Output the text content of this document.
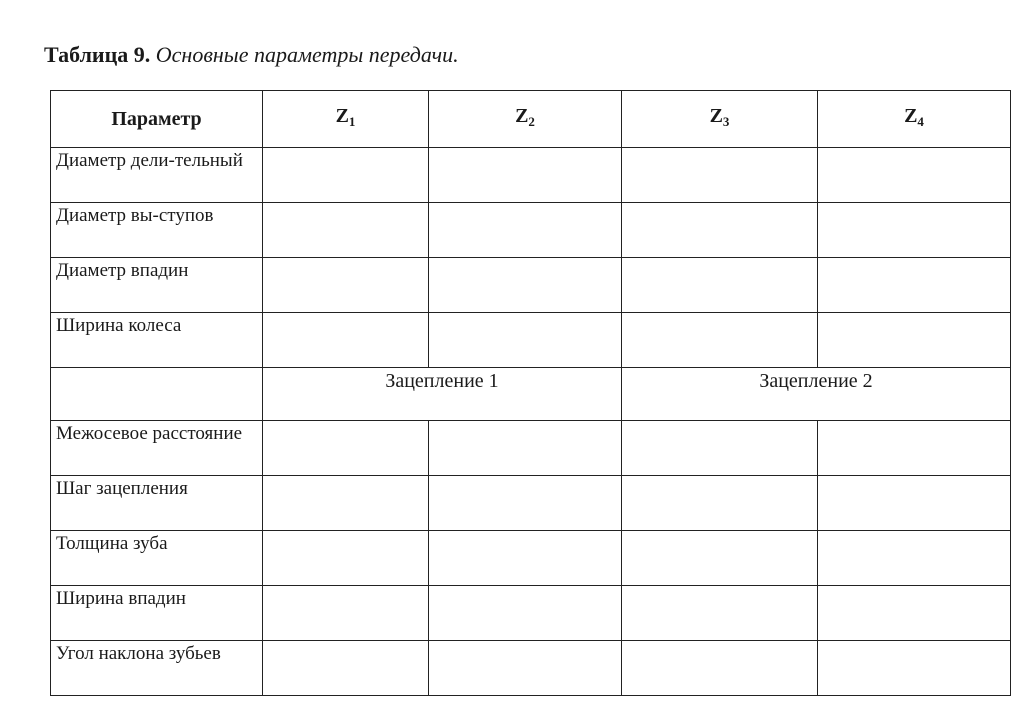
Таблица 9. Основные параметры передачи.
Параметр	$Z_1$	$Z_2$	$Z_3$	$Z_4$
Диаметр дели-тельный				
Диаметр вы-ступов				
Диаметр впадин				
Ширина колеса				
	Зацепление 1		Зацепление 2	
Межосевое расстояние				
Шаг зацепления				
Толщина зуба				
Ширина впадин				
Угол наклона зубьев				
